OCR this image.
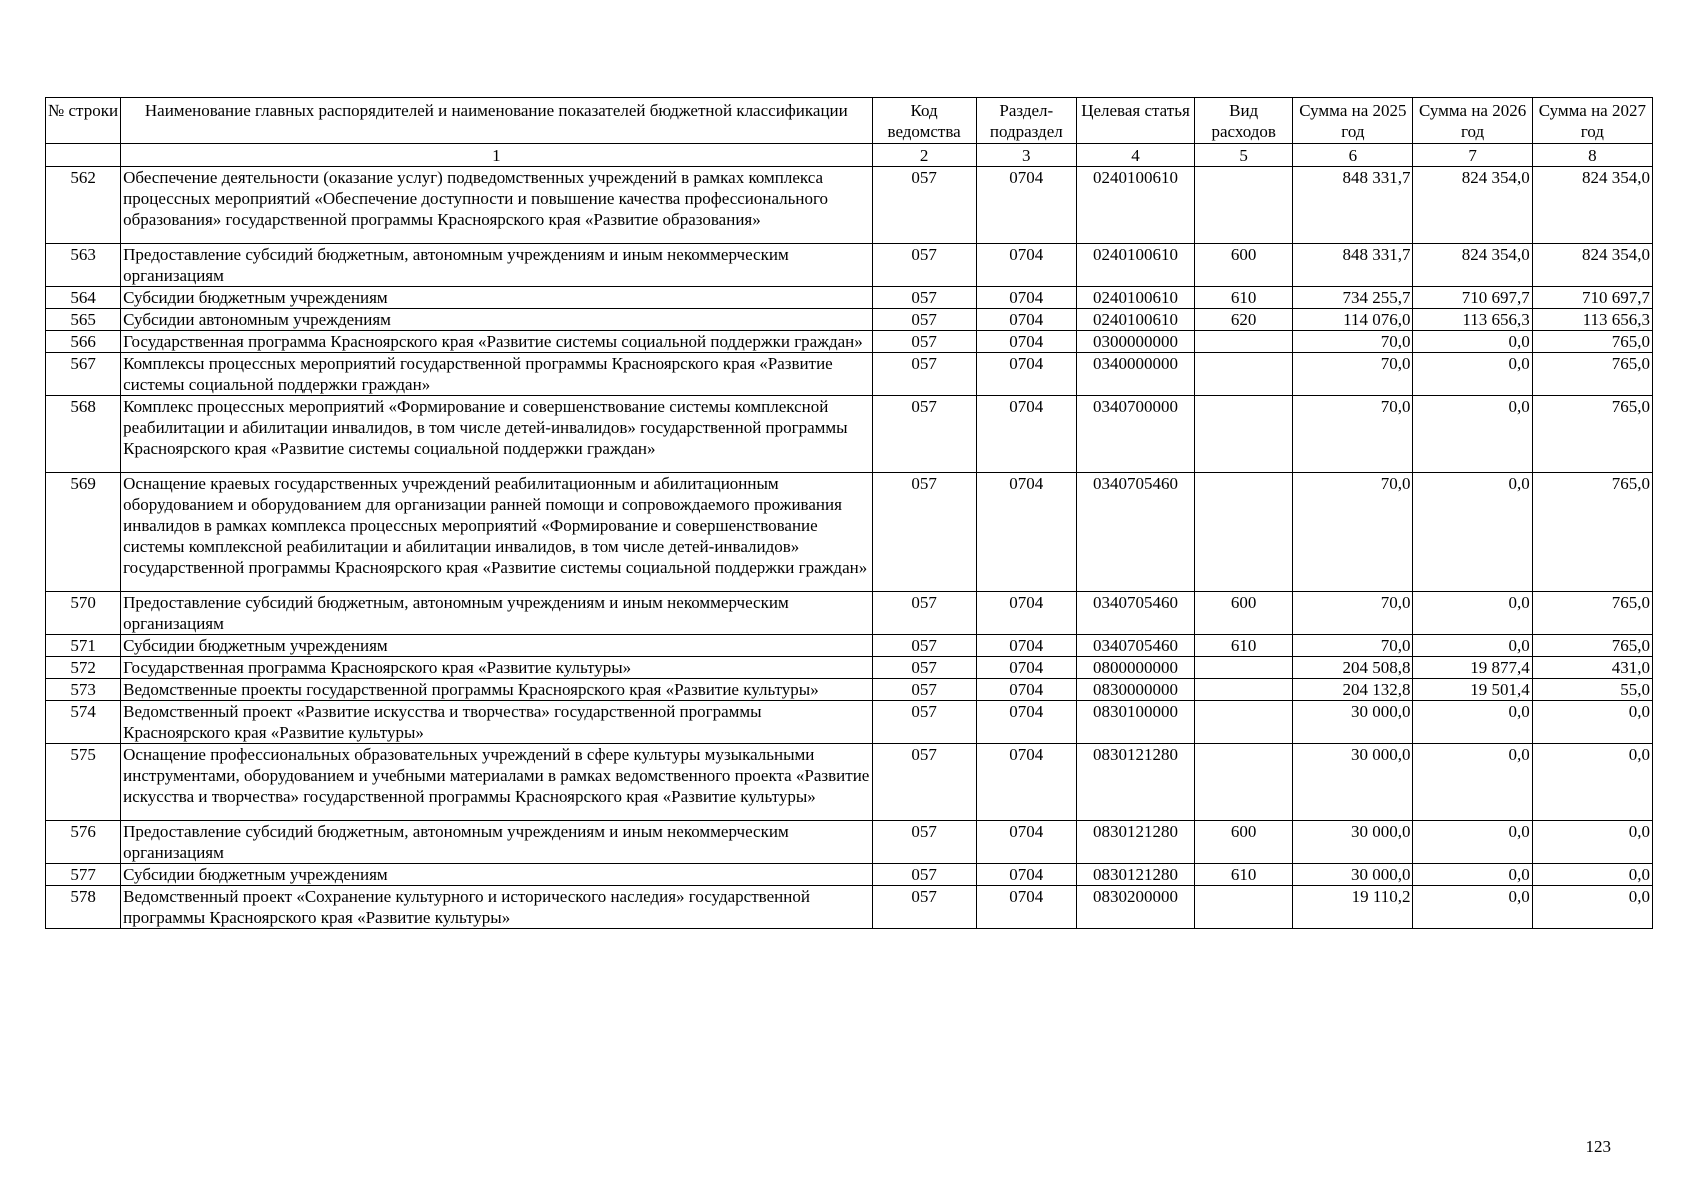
№ строки	Наименование главных распорядителей и наименование показателей бюджетной классификации	Код ведомства	Раздел-подраздел	Целевая статья	Вид расходов	Сумма на 2025 год	Сумма на 2026 год	Сумма на 2027 год
	1	2	3	4	5	6	7	8
562	Обеспечение деятельности (оказание услуг) подведомственных учреждений в рамках комплекса процессных мероприятий «Обеспечение доступности и повышение качества профессионального образования» государственной программы Красноярского края «Развитие образования»	057	0704	0240100610		848 331,7	824 354,0	824 354,0
563	Предоставление субсидий бюджетным, автономным учреждениям и иным некоммерческим организациям	057	0704	0240100610	600	848 331,7	824 354,0	824 354,0
564	Субсидии бюджетным учреждениям	057	0704	0240100610	610	734 255,7	710 697,7	710 697,7
565	Субсидии автономным учреждениям	057	0704	0240100610	620	114 076,0	113 656,3	113 656,3
566	Государственная программа Красноярского края «Развитие системы социальной поддержки граждан»	057	0704	0300000000		70,0	0,0	765,0
567	Комплексы процессных мероприятий государственной программы Красноярского края «Развитие системы социальной поддержки граждан»	057	0704	0340000000		70,0	0,0	765,0
568	Комплекс процессных мероприятий «Формирование и совершенствование системы комплексной реабилитации и абилитации инвалидов, в том числе детей-инвалидов» государственной программы Красноярского края «Развитие системы социальной поддержки граждан»	057	0704	0340700000		70,0	0,0	765,0
569	Оснащение краевых государственных учреждений реабилитационным и абилитационным оборудованием и оборудованием для организации ранней помощи и сопровождаемого проживания инвалидов в рамках комплекса процессных мероприятий «Формирование и совершенствование системы комплексной реабилитации и абилитации инвалидов, в том числе детей-инвалидов» государственной программы Красноярского края «Развитие системы социальной поддержки граждан»	057	0704	0340705460		70,0	0,0	765,0
570	Предоставление субсидий бюджетным, автономным учреждениям и иным некоммерческим организациям	057	0704	0340705460	600	70,0	0,0	765,0
571	Субсидии бюджетным учреждениям	057	0704	0340705460	610	70,0	0,0	765,0
572	Государственная программа Красноярского края «Развитие культуры»	057	0704	0800000000		204 508,8	19 877,4	431,0
573	Ведомственные проекты государственной программы Красноярского края «Развитие культуры»	057	0704	0830000000		204 132,8	19 501,4	55,0
574	Ведомственный проект «Развитие искусства и творчества» государственной программы Красноярского края «Развитие культуры»	057	0704	0830100000		30 000,0	0,0	0,0
575	Оснащение профессиональных образовательных учреждений в сфере культуры музыкальными инструментами, оборудованием и учебными материалами в рамках ведомственного проекта «Развитие искусства и творчества» государственной программы Красноярского края «Развитие культуры»	057	0704	0830121280		30 000,0	0,0	0,0
576	Предоставление субсидий бюджетным, автономным учреждениям и иным некоммерческим организациям	057	0704	0830121280	600	30 000,0	0,0	0,0
577	Субсидии бюджетным учреждениям	057	0704	0830121280	610	30 000,0	0,0	0,0
578	Ведомственный проект «Сохранение культурного и исторического наследия» государственной программы Красноярского края «Развитие культуры»	057	0704	0830200000		19 110,2	0,0	0,0
123
